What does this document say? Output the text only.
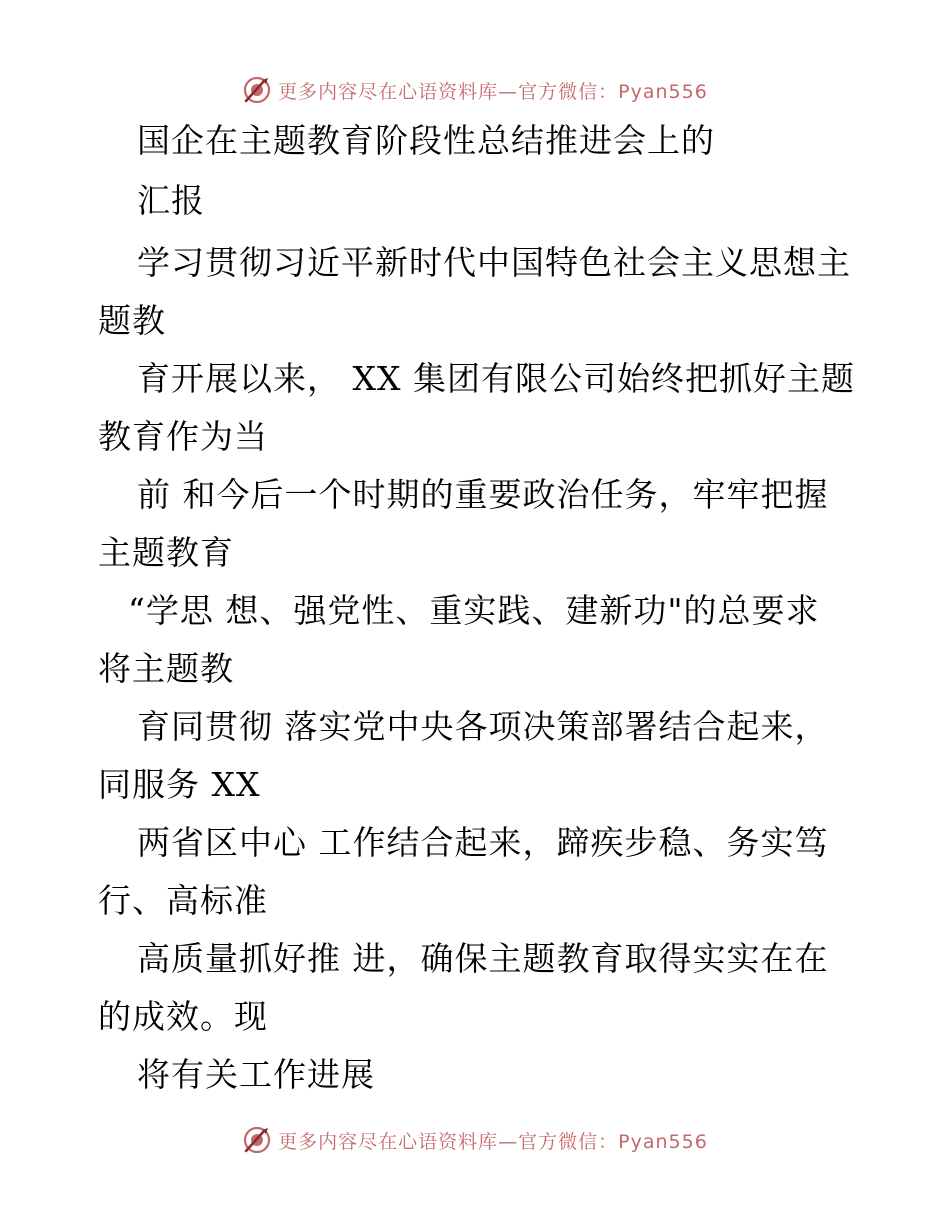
更多内容尽在心语资料库—官方微信：Pyan556
国企在主题教育阶段性总结推进会上的
汇报
学习贯彻习近平新时代中国特色社会主义思想主
题教
育开展以来， XX 集团有限公司始终把抓好主题
教育作为当
前 和今后一个时期的重要政治任务，牢牢把握
主题教育
“学思 想、强党性、重实践、建新功"的总要求
将主题教
育同贯彻 落实党中央各项决策部署结合起来，
同服务 XX
两省区中心 工作结合起来，蹄疾步稳、务实笃
行、高标准
高质量抓好推 进，确保主题教育取得实实在在
的成效。现
将有关工作进展
更多内容尽在心语资料库—官方微信：Pyan556
